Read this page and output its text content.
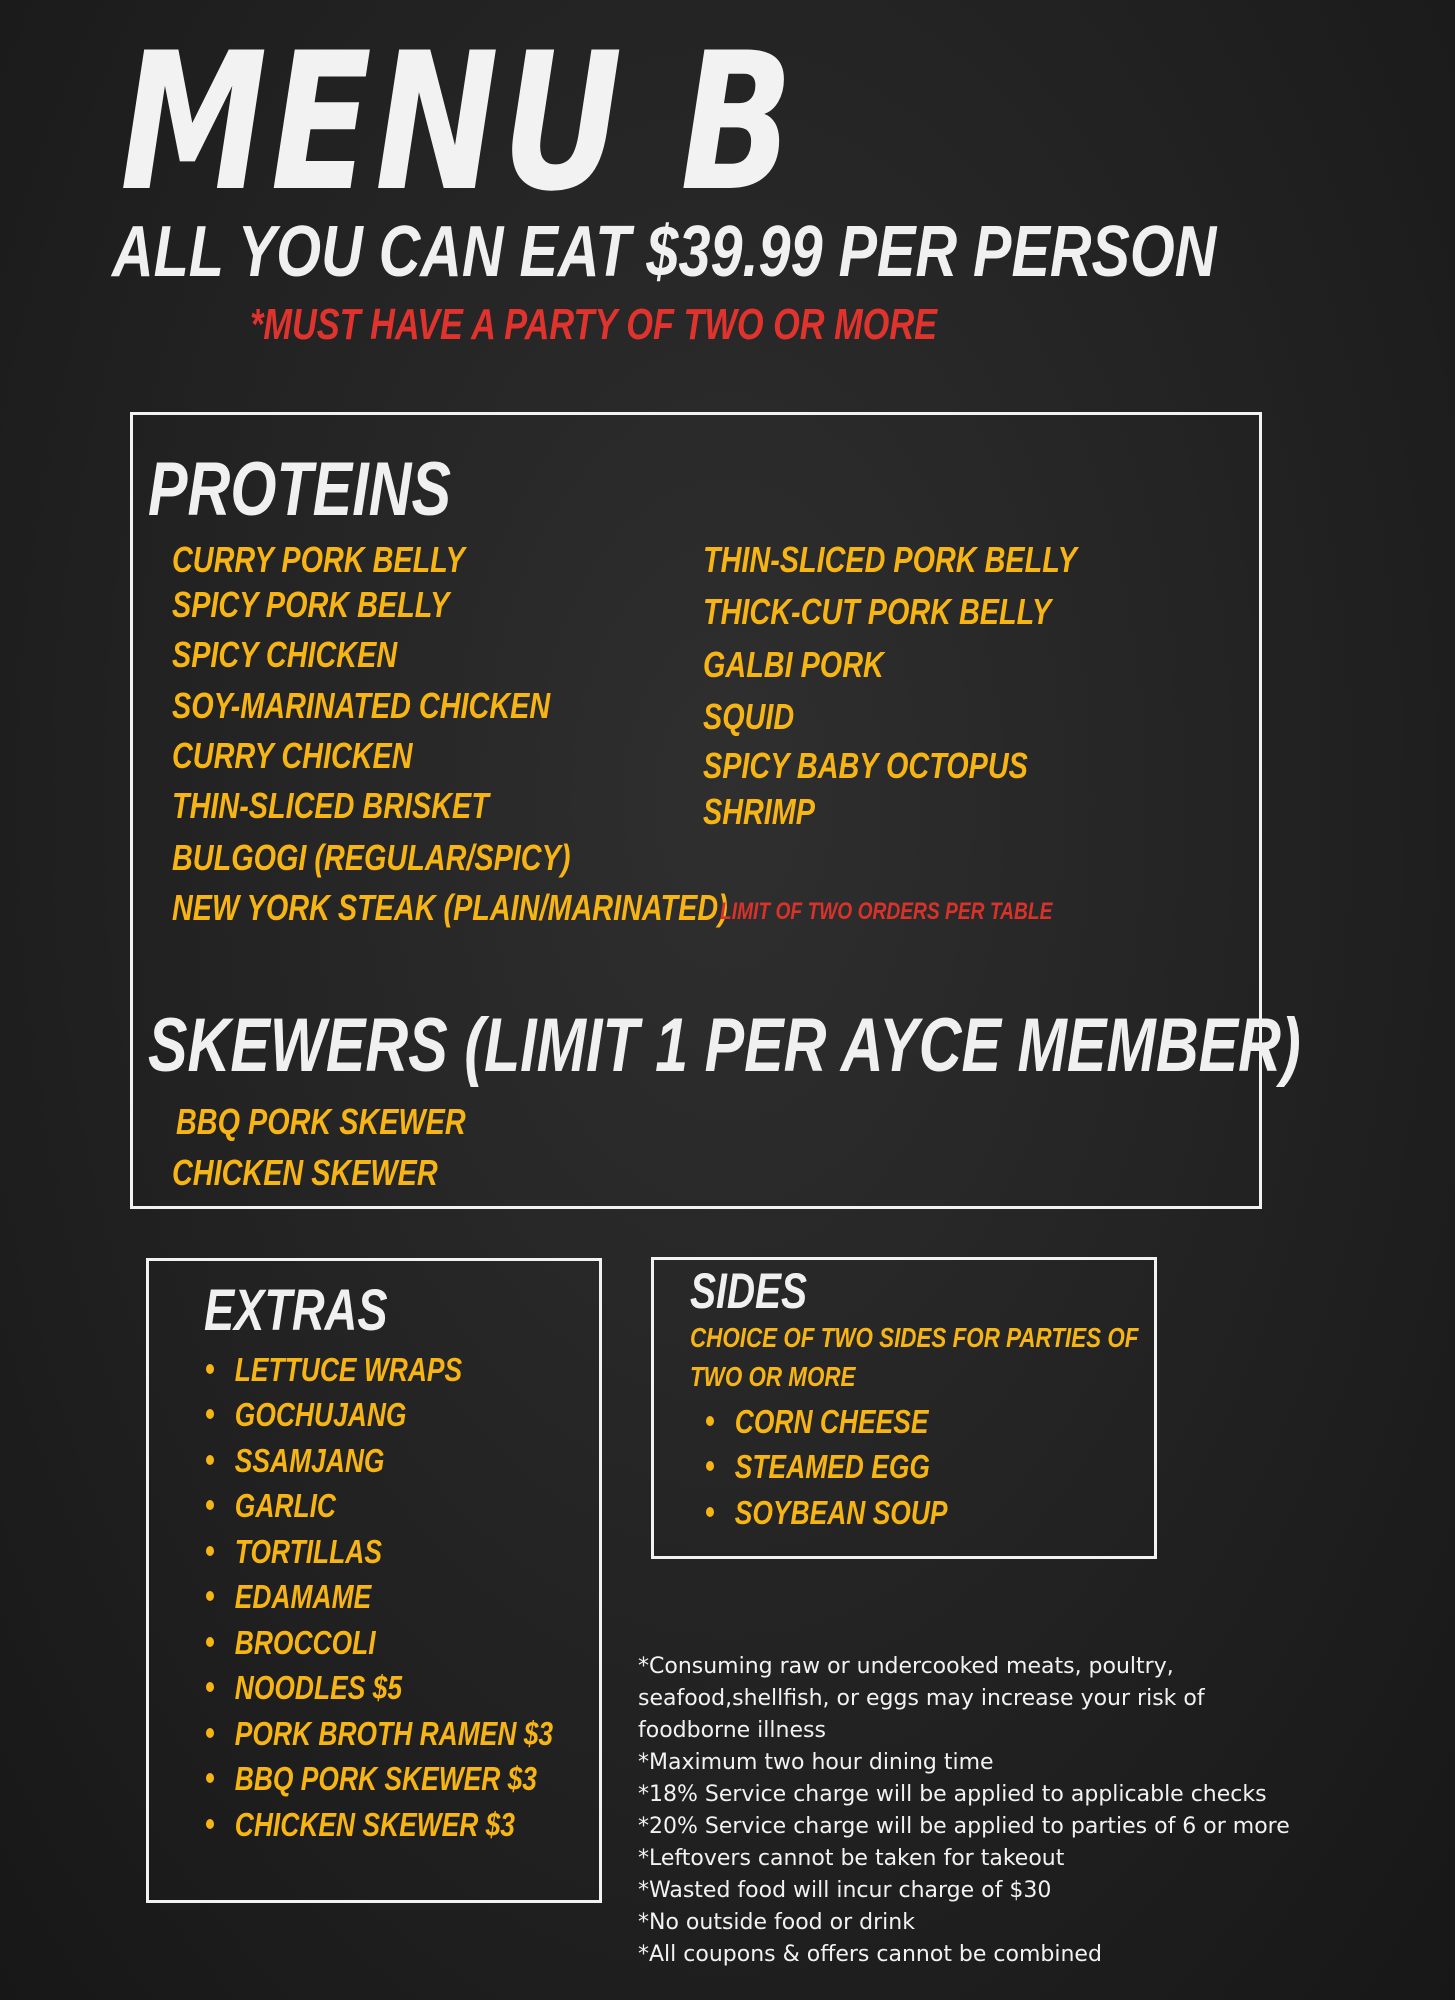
MENU B
ALL YOU CAN EAT $39.99 PER PERSON
*MUST HAVE A PARTY OF TWO OR MORE
PROTEINS
CURRY PORK BELLY
SPICY PORK BELLY
SPICY CHICKEN
SOY-MARINATED CHICKEN
CURRY CHICKEN
THIN-SLICED BRISKET
BULGOGI (REGULAR/SPICY)
NEW YORK STEAK (PLAIN/MARINATED)
LIMIT OF TWO ORDERS PER TABLE
THIN-SLICED PORK BELLY
THICK-CUT PORK BELLY
GALBI PORK
SQUID
SPICY BABY OCTOPUS
SHRIMP
SKEWERS (LIMIT 1 PER AYCE MEMBER)
BBQ PORK SKEWER
CHICKEN SKEWER
EXTRAS
LETTUCE WRAPS
GOCHUJANG
SSAMJANG
GARLIC
TORTILLAS
EDAMAME
BROCCOLI
NOODLES $5
PORK BROTH RAMEN $3
BBQ PORK SKEWER $3
CHICKEN SKEWER $3
SIDES
CHOICE OF TWO SIDES FOR PARTIES OF
TWO OR MORE
CORN CHEESE
STEAMED EGG
SOYBEAN SOUP
*Consuming raw or undercooked meats, poultry,
seafood,shellfish, or eggs may increase your risk of
foodborne illness
*Maximum two hour dining time
*18% Service charge will be applied to applicable checks
*20% Service charge will be applied to parties of 6 or more
*Leftovers cannot be taken for takeout
*Wasted food will incur charge of $30
*No outside food or drink
*All coupons & offers cannot be combined
